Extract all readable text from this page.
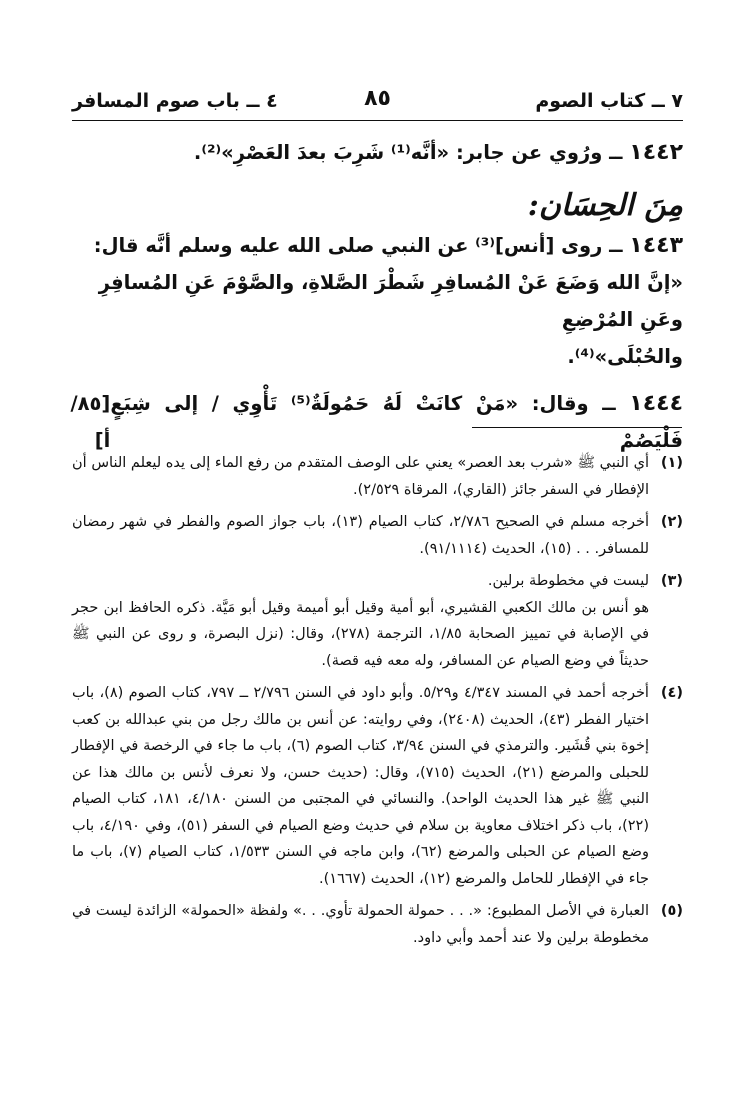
٧ ــ كتاب الصوم
٨٥
٤ ــ باب صوم المسافر

١٤٤٢ ــ ورُوي عن جابر: «أنَّه⁽¹⁾ شَرِبَ بعدَ العَصْرِ»⁽²⁾.

مِنَ الحِسَان:

١٤٤٣ ــ روى [أنس]⁽³⁾ عن النبي صلى الله عليه وسلم أنَّه قال:

«إنَّ الله وَضَعَ عَنْ المُسافِرِ شَطْرَ الصَّلاةِ، والصَّوْمَ عَنِ المُسافِرِ وعَنِ المُرْضِعِ
والحُبْلَى»⁽⁴⁾.
١٤٤٤ ــ وقال: «مَنْ كانَتْ لَهُ حَمُولَةٌ⁽⁵⁾ تَأْوِي / إلى شِبَعٍ فَلْيَصُمْ
[٨٥/أ]
(١)

أي النبي ﷺ «شرب بعد العصر» يعني على الوصف المتقدم من رفع الماء إلى يده ليعلم الناس أن الإفطار في السفر جائز (القاري)، المرقاة ٢/٥٢٩).

(٢)

أخرجه مسلم في الصحيح ٢/٧٨٦، كتاب الصيام (١٣)، باب جواز الصوم والفطر في شهر رمضان للمسافر. . . (١٥)، الحديث (٩١/١١١٤).

(٣)

ليست في مخطوطة برلين.

هو أنس بن مالك الكعبي القشيري، أبو أمية وقيل أبو أميمة وقيل أبو مَيَّة. ذكره الحافظ ابن حجر في الإصابة في تمييز الصحابة ١/٨٥، الترجمة (٢٧٨)، وقال: (نزل البصرة، و روى عن النبي ﷺ حديثاً في وضع الصيام عن المسافر، وله معه فيه قصة).

(٤)

أخرجه أحمد في المسند ٤/٣٤٧ و٥/٢٩. وأبو داود في السنن ٢/٧٩٦ ــ ٧٩٧، كتاب الصوم (٨)، باب اختيار الفطر (٤٣)، الحديث (٢٤٠٨)، وفي روايته: عن أنس بن مالك رجل من بني عبدالله بن كعب إخوة بني قُشَير. والترمذي في السنن ٣/٩٤، كتاب الصوم (٦)، باب ما جاء في الرخصة في الإفطار للحبلى والمرضع (٢١)، الحديث (٧١٥)، وقال: (حديث حسن، ولا نعرف لأنس بن مالك هذا عن النبي ﷺ غير هذا الحديث الواحد). والنسائي في المجتبى من السنن ٤/١٨٠، ١٨١، كتاب الصيام (٢٢)، باب ذكر اختلاف معاوية بن سلام في حديث وضع الصيام في السفر (٥١)، وفي ٤/١٩٠، باب وضع الصيام عن الحبلى والمرضع (٦٢)، وابن ماجه في السنن ١/٥٣٣، كتاب الصيام (٧)، باب ما جاء في الإفطار للحامل والمرضع (١٢)، الحديث (١٦٦٧).

(٥)

العبارة في الأصل المطبوع: «. . . حمولة الحمولة تأوي. . .» ولفظة «الحمولة» الزائدة ليست في مخطوطة برلين ولا عند أحمد وأبي داود.
